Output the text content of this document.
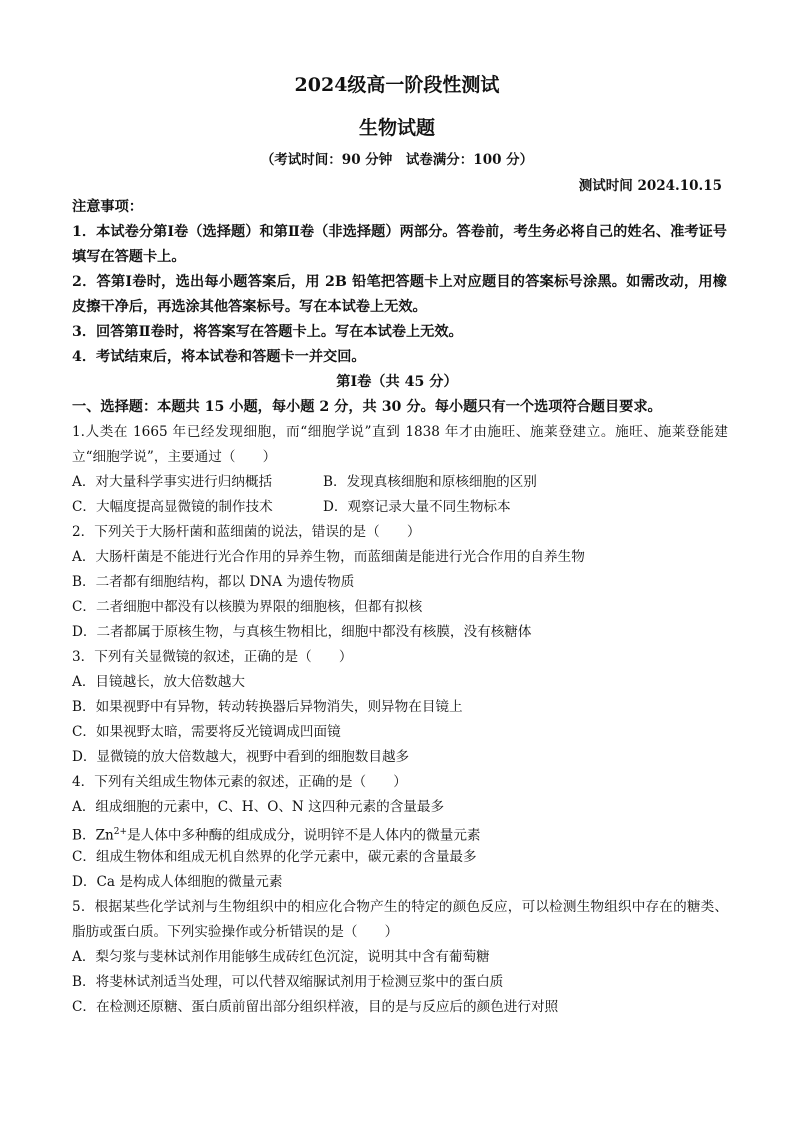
2024级高一阶段性测试
生物试题
（考试时间：90 分钟　试卷满分：100 分）
测试时间 2024.10.15
注意事项：
1．本试卷分第Ⅰ卷（选择题）和第Ⅱ卷（非选择题）两部分。答卷前，考生务必将自己的姓名、准考证号填写在答题卡上。
2．答第Ⅰ卷时，选出每小题答案后，用 2B 铅笔把答题卡上对应题目的答案标号涂黑。如需改动，用橡皮擦干净后，再选涂其他答案标号。写在本试卷上无效。
3．回答第Ⅱ卷时，将答案写在答题卡上。写在本试卷上无效。
4．考试结束后，将本试卷和答题卡一并交回。
第Ⅰ卷（共 45 分）
一、选择题：本题共 15 小题，每小题 2 分，共 30 分。每小题只有一个选项符合题目要求。
1.人类在 1665 年已经发现细胞，而“细胞学说”直到 1838 年才由施旺、施莱登建立。施旺、施莱登能建立“细胞学说”，主要通过（　　）
A．对大量科学事实进行归纳概括	B．发现真核细胞和原核细胞的区别
C．大幅度提高显微镜的制作技术	D．观察记录大量不同生物标本
2．下列关于大肠杆菌和蓝细菌的说法，错误的是（　　）
A．大肠杆菌是不能进行光合作用的异养生物，而蓝细菌是能进行光合作用的自养生物
B．二者都有细胞结构，都以 DNA 为遗传物质
C．二者细胞中都没有以核膜为界限的细胞核，但都有拟核
D．二者都属于原核生物，与真核生物相比，细胞中都没有核膜，没有核糖体
3．下列有关显微镜的叙述，正确的是（　　）
A．目镜越长，放大倍数越大
B．如果视野中有异物，转动转换器后异物消失，则异物在目镜上
C．如果视野太暗，需要将反光镜调成凹面镜
D．显微镜的放大倍数越大，视野中看到的细胞数目越多
4．下列有关组成生物体元素的叙述，正确的是（　　）
A．组成细胞的元素中，C、H、O、N 这四种元素的含量最多
B．$Zn^{2+}$是人体中多种酶的组成成分，说明锌不是人体内的微量元素
C．组成生物体和组成无机自然界的化学元素中，碳元素的含量最多
D．Ca 是构成人体细胞的微量元素
5．根据某些化学试剂与生物组织中的相应化合物产生的特定的颜色反应，可以检测生物组织中存在的糖类、脂肪或蛋白质。下列实验操作或分析错误的是（　　）
A．梨匀浆与斐林试剂作用能够生成砖红色沉淀，说明其中含有葡萄糖
B．将斐林试剂适当处理，可以代替双缩脲试剂用于检测豆浆中的蛋白质
C．在检测还原糖、蛋白质前留出部分组织样液，目的是与反应后的颜色进行对照
